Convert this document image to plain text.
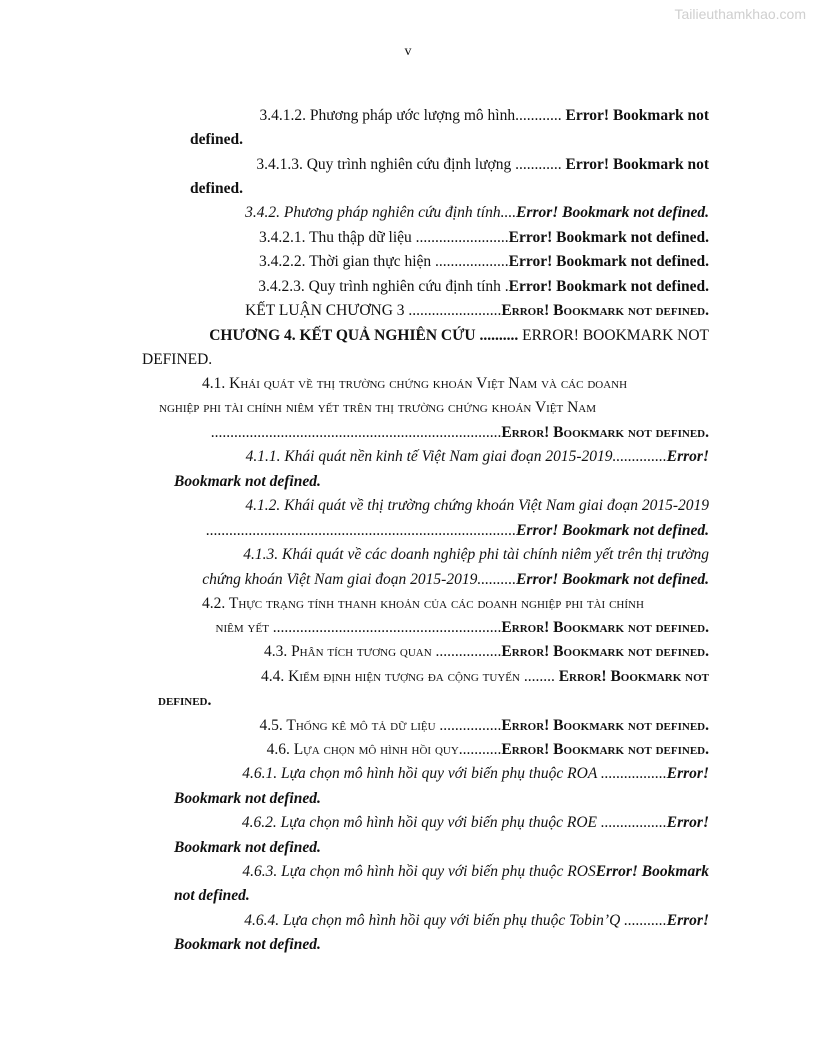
Tailieuthamkhao.com
v
3.4.1.2. Phương pháp ước lượng mô hình............ Error! Bookmark not
defined.
3.4.1.3. Quy trình nghiên cứu định lượng ............ Error! Bookmark not
defined.
3.4.2. Phương pháp nghiên cứu định tính....Error! Bookmark not defined.
3.4.2.1. Thu thập dữ liệu ........................Error! Bookmark not defined.
3.4.2.2. Thời gian thực hiện ...................Error! Bookmark not defined.
3.4.2.3. Quy trình nghiên cứu định tính .Error! Bookmark not defined.
KẾT LUẬN CHƯƠNG 3 ........................Error! Bookmark not defined.
CHƯƠNG 4. KẾT QUẢ NGHIÊN CỨU .......... ERROR! BOOKMARK NOT
DEFINED.
4.1. Khái quát về thị trường chứng khoán Việt Nam và các doanh
nghiệp phi tài chính niêm yết trên thị trường chứng khoán Việt Nam
...........................................................................Error! Bookmark not defined.
4.1.1. Khái quát nền kinh tế Việt Nam giai đoạn 2015-2019..............Error!
Bookmark not defined.
4.1.2. Khái quát về thị trường chứng khoán Việt Nam giai đoạn 2015-2019
................................................................................Error! Bookmark not defined.
4.1.3. Khái quát về các doanh nghiệp phi tài chính niêm yết trên thị trường
chứng khoán Việt Nam giai đoạn 2015-2019..........Error! Bookmark not defined.
4.2. Thực trạng tính thanh khoản của các doanh nghiệp phi tài chính
niêm yết ...........................................................Error! Bookmark not defined.
4.3. Phân tích tương quan .................Error! Bookmark not defined.
4.4. Kiểm định hiện tượng đa cộng tuyến ........ Error! Bookmark not
defined.
4.5. Thống kê mô tả dữ liệu ................Error! Bookmark not defined.
4.6. Lựa chọn mô hình hồi quy...........Error! Bookmark not defined.
4.6.1. Lựa chọn mô hình hồi quy với biến phụ thuộc ROA .................Error!
Bookmark not defined.
4.6.2. Lựa chọn mô hình hồi quy với biến phụ thuộc ROE .................Error!
Bookmark not defined.
4.6.3. Lựa chọn mô hình hồi quy với biến phụ thuộc ROSError! Bookmark
not defined.
4.6.4. Lựa chọn mô hình hồi quy với biến phụ thuộc Tobin’Q ...........Error!
Bookmark not defined.
